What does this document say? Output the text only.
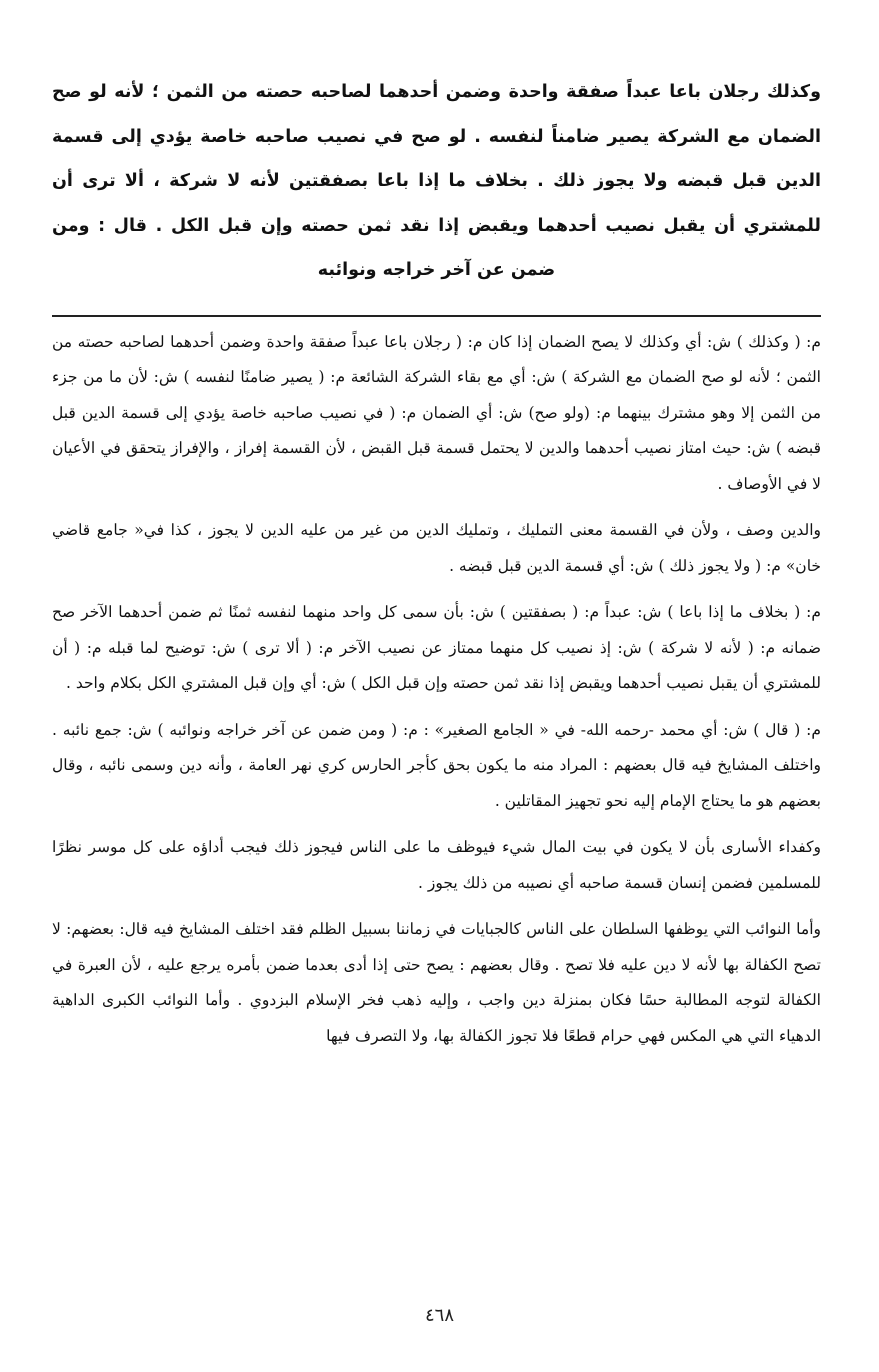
وكذلك رجلان باعا عبداً صفقة واحدة وضمن أحدهما لصاحبه حصته من الثمن ؛ لأنه لو صح الضمان مع الشركة يصير ضامناً لنفسه . لو صح في نصيب صاحبه خاصة يؤدي إلى قسمة الدين قبل قبضه ولا يجوز ذلك . بخلاف ما إذا باعا بصفقتين لأنه لا شركة ، ألا ترى أن للمشتري أن يقبل نصيب أحدهما ويقبض إذا نقد ثمن حصته وإن قبل الكل . قال : ومن ضمن عن آخر خراجه ونوائبه

م: ( وكذلك ) ش: أي وكذلك لا يصح الضمان إذا كان م: ( رجلان باعا عبداً صفقة واحدة وضمن أحدهما لصاحبه حصته من الثمن ؛ لأنه لو صح الضمان مع الشركة ) ش: أي مع بقاء الشركة الشائعة م: ( يصير ضامنًا لنفسه ) ش: لأن ما من جزء من الثمن إلا وهو مشترك بينهما م: (ولو صح) ش: أي الضمان م: ( في نصيب صاحبه خاصة يؤدي إلى قسمة الدين قبل قبضه ) ش: حيث امتاز نصيب أحدهما والدين لا يحتمل قسمة قبل القبض ، لأن القسمة إفراز ، والإفراز يتحقق في الأعيان لا في الأوصاف .

والدين وصف ، ولأن في القسمة معنى التمليك ، وتمليك الدين من غير من عليه الدين لا يجوز ، كذا في« جامع قاضي خان» م: ( ولا يجوز ذلك ) ش: أي قسمة الدين قبل قبضه .

م: ( بخلاف ما إذا باعا ) ش: عبداً م: ( بصفقتين ) ش: بأن سمى كل واحد منهما لنفسه ثمنًا ثم ضمن أحدهما الآخر صح ضمانه م: ( لأنه لا شركة ) ش: إذ نصيب كل منهما ممتاز عن نصيب الآخر م: ( ألا ترى ) ش: توضيح لما قبله م: ( أن للمشتري أن يقبل نصيب أحدهما ويقبض إذا نقد ثمن حصته وإن قبل الكل ) ش: أي وإن قبل المشتري الكل بكلام واحد .

م: ( قال ) ش: أي محمد -رحمه الله- في « الجامع الصغير» : م: ( ومن ضمن عن آخر خراجه ونوائبه ) ش: جمع نائبه . واختلف المشايخ فيه قال بعضهم : المراد منه ما يكون بحق كأجر الحارس كري نهر العامة ، وأنه دين وسمى نائبه ، وقال بعضهم هو ما يحتاج الإمام إليه نحو تجهيز المقاتلين .

وكفداء الأسارى بأن لا يكون في بيت المال شيء فيوظف ما على الناس فيجوز ذلك فيجب أداؤه على كل موسر نظرًا للمسلمين فضمن إنسان قسمة صاحبه أي نصيبه من ذلك يجوز .

وأما النوائب التي يوظفها السلطان على الناس كالجبايات في زماننا بسبيل الظلم فقد اختلف المشايخ فيه قال: بعضهم: لا تصح الكفالة بها لأنه لا دين عليه فلا تصح . وقال بعضهم : يصح حتى إذا أدى بعدما ضمن بأمره يرجع عليه ، لأن العبرة في الكفالة لتوجه المطالبة حسًا فكان بمنزلة دين واجب ، وإليه ذهب فخر الإسلام البزدوي . وأما النوائب الكبرى الداهية الدهياء التي هي المكس فهي حرام قطعًا فلا تجوز الكفالة بها، ولا التصرف فيها

٤٦٨
